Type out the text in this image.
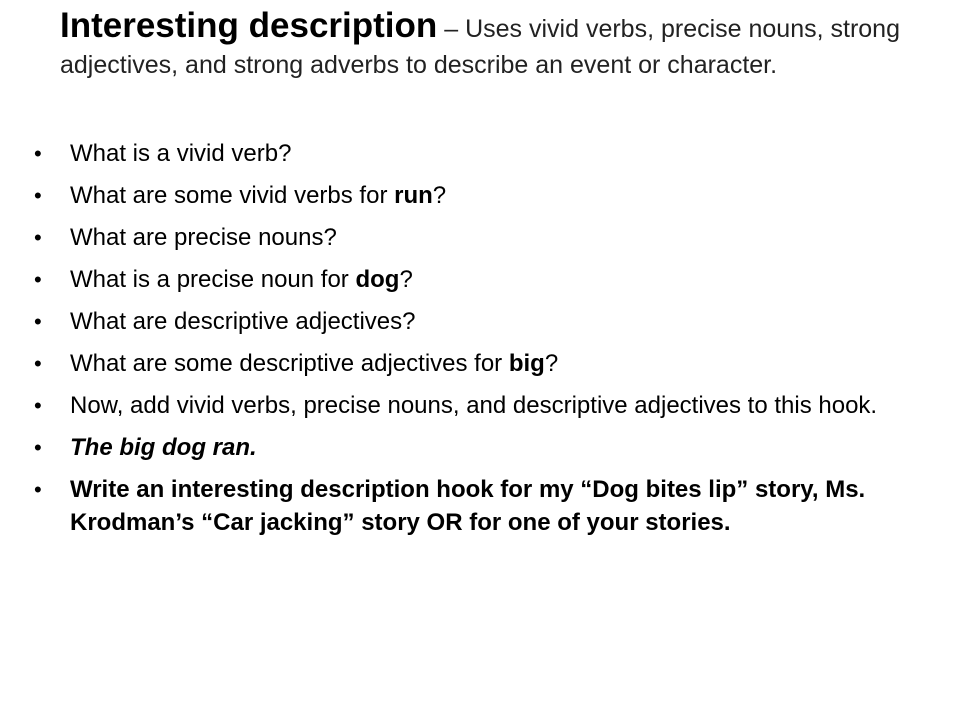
Interesting description – Uses vivid verbs, precise nouns, strong adjectives, and strong adverbs to describe an event or character.
•	What is a vivid verb?
•	What are some vivid verbs for run?
•	What are precise nouns?
•	What is a precise noun for dog?
•	What are descriptive adjectives?
•	What are some descriptive adjectives for big?
•	Now, add vivid verbs, precise nouns, and descriptive adjectives to this hook.
•	The big dog ran.
•	Write an interesting description hook for my “Dog bites lip” story, Ms. Krodman’s “Car jacking” story OR for one of your stories.
